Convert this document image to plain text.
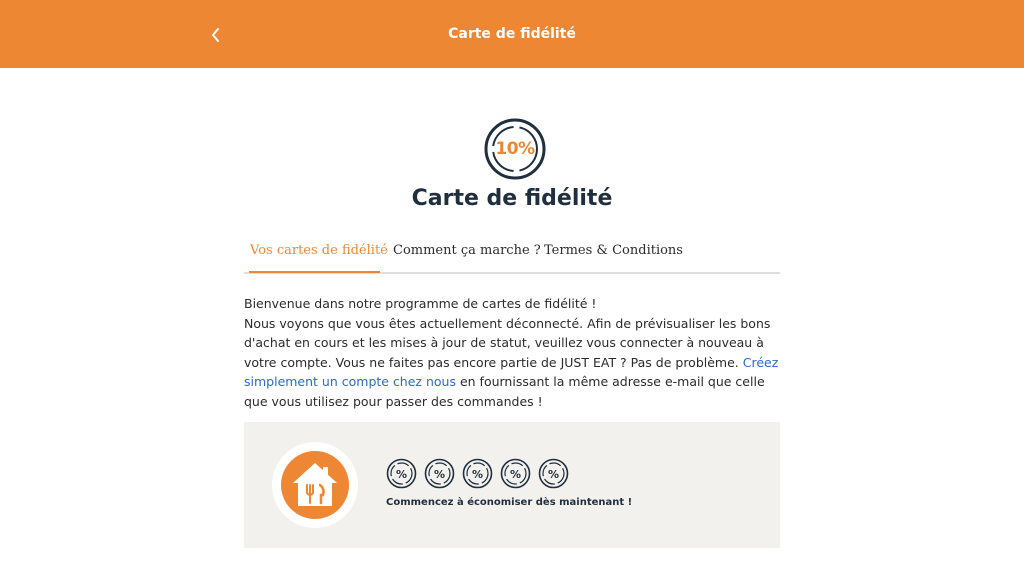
Carte de fidélité
10%
Carte de fidélité
Vos cartes de fidélité Comment ça marche ? Termes & Conditions
Bienvenue dans notre programme de cartes de fidélité !
Nous voyons que vous êtes actuellement déconnecté. Afin de prévisualiser les bons d'achat en cours et les mises à jour de statut, veuillez vous connecter à nouveau à votre compte. Vous ne faites pas encore partie de JUST EAT ? Pas de problème. Créez simplement un compte chez nous en fournissant la même adresse e-mail que celle que vous utilisez pour passer des commandes !
% % % % %
Commencez à économiser dès maintenant !
